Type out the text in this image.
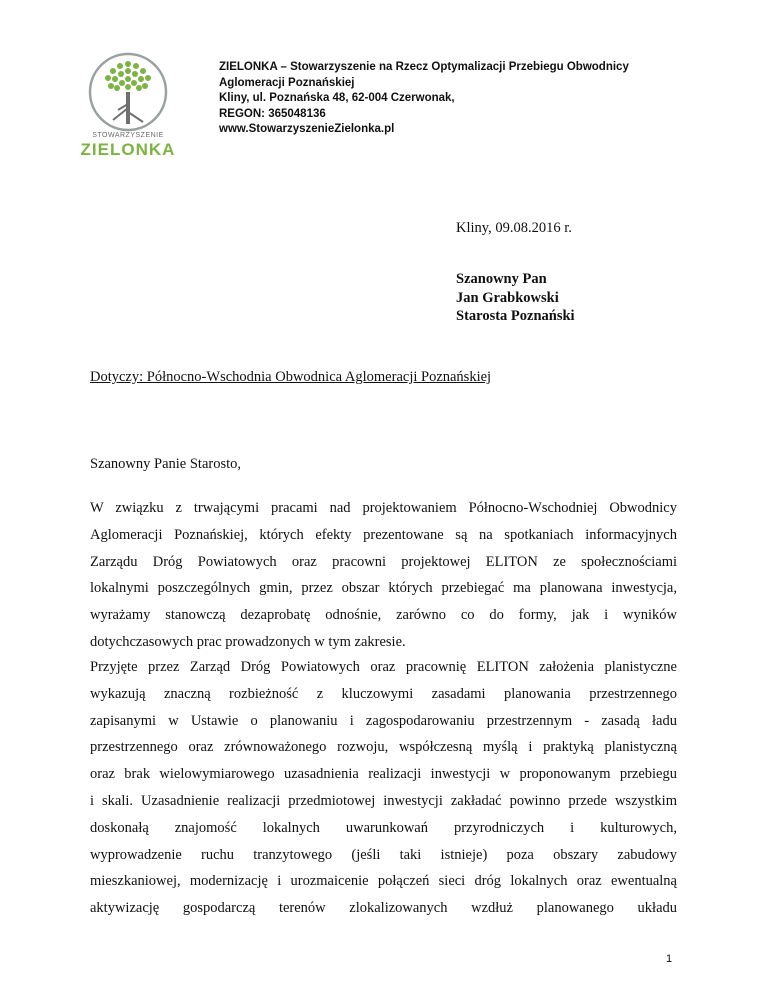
STOWARZYSZENIE
ZIELONKA
ZIELONKA – Stowarzyszenie na Rzecz Optymalizacji Przebiegu Obwodnicy
Aglomeracji Poznańskiej
Kliny, ul. Poznańska 48, 62-004 Czerwonak,
REGON: 365048136
www.StowarzyszenieZielonka.pl
Kliny, 09.08.2016 r.
Szanowny Pan
Jan Grabkowski
Starosta Poznański
Dotyczy: Północno-Wschodnia Obwodnica Aglomeracji Poznańskiej
Szanowny Panie Starosto,
W związku z trwającymi pracami nad projektowaniem Północno-Wschodniej Obwodnicy
Aglomeracji Poznańskiej, których efekty prezentowane są na spotkaniach informacyjnych
Zarządu Dróg Powiatowych oraz pracowni projektowej ELITON ze społecznościami
lokalnymi poszczególnych gmin, przez obszar których przebiegać ma planowana inwestycja,
wyrażamy stanowczą dezaprobatę odnośnie, zarówno co do formy, jak i wyników
dotychczasowych prac prowadzonych w tym zakresie.
Przyjęte przez Zarząd Dróg Powiatowych oraz pracownię ELITON założenia planistyczne
wykazują znaczną rozbieżność z kluczowymi zasadami planowania przestrzennego
zapisanymi w Ustawie o planowaniu i zagospodarowaniu przestrzennym - zasadą ładu
przestrzennego oraz zrównoważonego rozwoju, współczesną myślą i praktyką planistyczną
oraz brak wielowymiarowego uzasadnienia realizacji inwestycji w proponowanym przebiegu
i skali. Uzasadnienie realizacji przedmiotowej inwestycji zakładać powinno przede wszystkim
doskonałą znajomość lokalnych uwarunkowań przyrodniczych i kulturowych,
wyprowadzenie ruchu tranzytowego (jeśli taki istnieje) poza obszary zabudowy
mieszkaniowej, modernizację i urozmaicenie połączeń sieci dróg lokalnych oraz ewentualną
aktywizację gospodarczą terenów zlokalizowanych wzdłuż planowanego układu
1
